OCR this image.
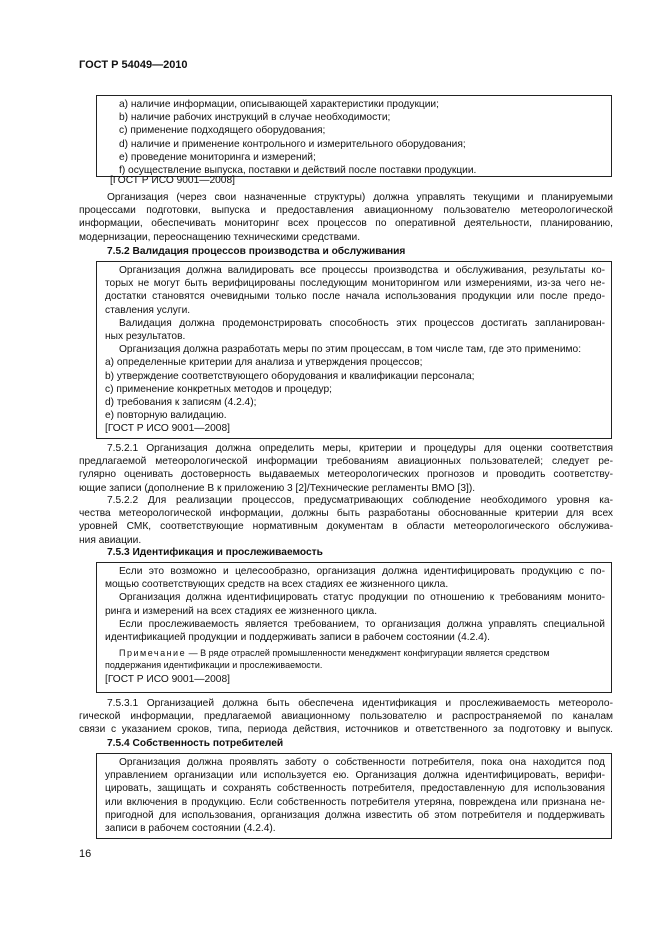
ГОСТ Р 54049—2010
a) наличие информации, описывающей характеристики продукции;
b) наличие рабочих инструкций в случае необходимости;
c) применение подходящего оборудования;
d) наличие и применение контрольного и измерительного оборудования;
e) проведение мониторинга и измерений;
f) осуществление выпуска, поставки и действий после поставки продукции.
[ГОСТ Р ИСО 9001—2008]
Организация (через свои назначенные структуры) должна управлять текущими и планируемыми
процессами подготовки, выпуска и предоставления авиационному пользователю метеорологической
информации, обеспечивать мониторинг всех процессов по оперативной деятельности, планированию,
модернизации, переоснащению техническими средствами.
7.5.2 Валидация процессов производства и обслуживания
Организация должна валидировать все процессы производства и обслуживания, результаты ко-
торых не могут быть верифицированы последующим мониторингом или измерениями, из-за чего не-
достатки становятся очевидными только после начала использования продукции или после предо-
ставления услуги.
Валидация должна продемонстрировать способность этих процессов достигать запланирован-
ных результатов.
Организация должна разработать меры по этим процессам, в том числе там, где это применимо:
a) определенные критерии для анализа и утверждения процессов;
b) утверждение соответствующего оборудования и квалификации персонала;
c) применение конкретных методов и процедур;
d) требования к записям (4.2.4);
e) повторную валидацию.
[ГОСТ Р ИСО 9001—2008]
7.5.2.1 Организация должна определить меры, критерии и процедуры для оценки соответствия
предлагаемой метеорологической информации требованиям авиационных пользователей; следует ре-
гулярно оценивать достоверность выдаваемых метеорологических прогнозов и проводить соответству-
ющие записи (дополнение В к приложению 3 [2]/Технические регламенты ВМО [3]).
7.5.2.2 Для реализации процессов, предусматривающих соблюдение необходимого уровня ка-
чества метеорологической информации, должны быть разработаны обоснованные критерии для всех
уровней СМК, соответствующие нормативным документам в области метеорологического обслужива-
ния авиации.
7.5.3 Идентификация и прослеживаемость
Если это возможно и целесообразно, организация должна идентифицировать продукцию с по-
мощью соответствующих средств на всех стадиях ее жизненного цикла.
Организация должна идентифицировать статус продукции по отношению к требованиям монито-
ринга и измерений на всех стадиях ее жизненного цикла.
Если прослеживаемость является требованием, то организация должна управлять специальной
идентификацией продукции и поддерживать записи в рабочем состоянии (4.2.4).
Примечание — В ряде отраслей промышленности менеджмент конфигурации является средством
поддержания идентификации и прослеживаемости.
[ГОСТ Р ИСО 9001—2008]
7.5.3.1 Организацией должна быть обеспечена идентификация и прослеживаемость метеороло-
гической информации, предлагаемой авиационному пользователю и распространяемой по каналам
связи с указанием сроков, типа, периода действия, источников и ответственного за подготовку и выпуск.
7.5.4 Собственность потребителей
Организация должна проявлять заботу о собственности потребителя, пока она находится под
управлением организации или используется ею. Организация должна идентифицировать, верифи-
цировать, защищать и сохранять собственность потребителя, предоставленную для использования
или включения в продукцию. Если собственность потребителя утеряна, повреждена или признана не-
пригодной для использования, организация должна известить об этом потребителя и поддерживать
записи в рабочем состоянии (4.2.4).
16
